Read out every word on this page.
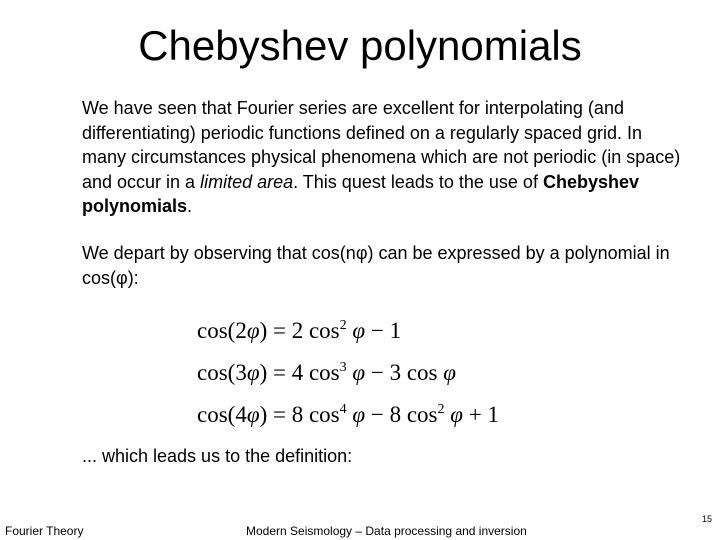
Chebyshev polynomials
We have seen that Fourier series are excellent for interpolating (and differentiating) periodic functions defined on a regularly spaced grid. In many circumstances physical phenomena which are not periodic (in space) and occur in a limited area. This quest leads to the use of Chebyshev polynomials.
We depart by observing that cos(nφ) can be expressed by a polynomial in cos(φ):
cos(2φ) = 2 $\cos^2 \varphi - 1$
cos(3φ) = 4 $\cos^3 \varphi - 3$ cos φ
cos(4φ) = 8 $\cos^4 \varphi - 8$ $\cos^2 \varphi + 1$
... which leads us to the definition:
Fourier Theory	Modern Seismology – Data processing and inversion
15
